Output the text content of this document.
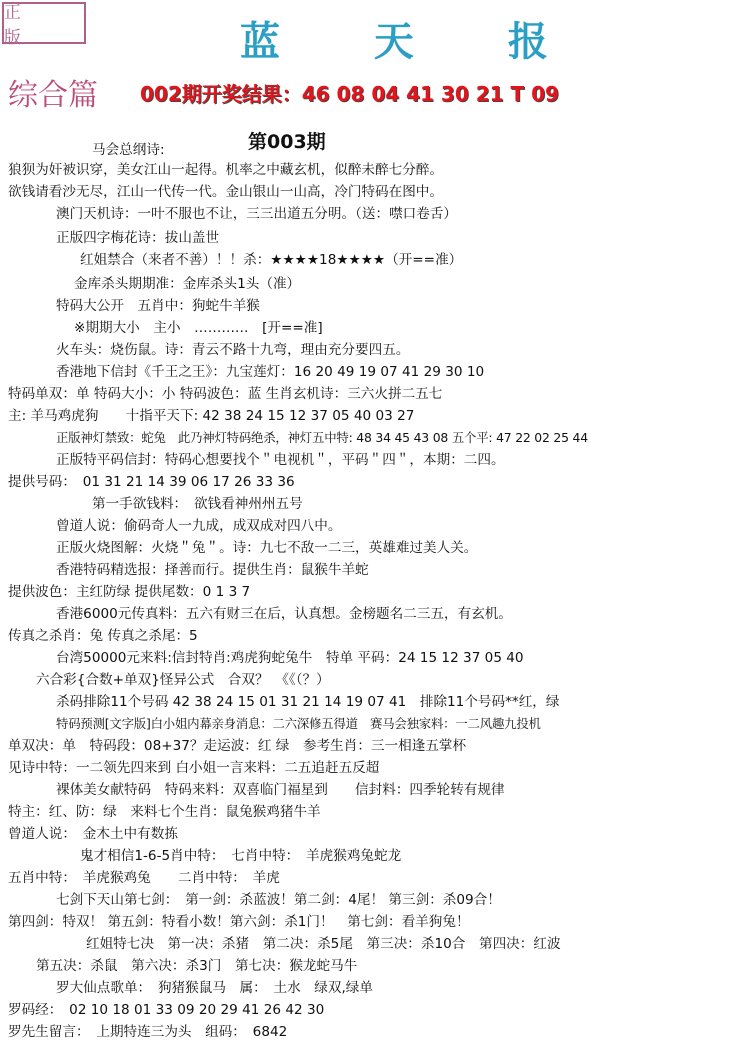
正 版	蓝 天 报
综合篇 002期开奖结果：46 08 04 41 30 21 T 09
第003期
马会总纲诗:
狼狈为奸被识穿，美女江山一起得。机率之中藏玄机，似醉未醉七分醉。
欲钱请看沙无尽，江山一代传一代。金山银山一山高，冷门特码在图中。
澳门天机诗：一叶不服也不让，三三出道五分明。（送：噤口卷舌）
正版四字梅花诗：拔山盖世
红姐禁合（来者不善）！！杀：★★★★18★★★★（开==准）
金库杀头期期准：金库杀头1头（准）
特码大公开　五肖中：狗蛇牛羊猴
※期期大小　主小　…………　[开==准]
火车头：烧伤鼠。诗：青云不路十九弯，理由充分要四五。
香港地下信封《千王之王》：九宝莲灯：16 20 49 19 07 41 29 30 10
特码单双：单 特码大小：小 特码波色：蓝 生肖玄机诗：三六火拼二五七
主: 羊马鸡虎狗　　十指平天下: 42 38 24 15 12 37 05 40 03 27
正版神灯禁致：蛇兔　此乃神灯特码绝杀，神灯五中特: 48 34 45 43 08 五个平: 47 22 02 25 44
正版特平码信封：特码心想要找个＂电视机＂，平码＂四＂，本期：二四。
提供号码：　01 31 21 14 39 06 17 26 33 36
第一手欲钱料：　欲钱看神州州五号
曾道人说：偷码奇人一九成，成双成对四八中。
正版火烧图解：火烧＂兔＂。诗：九七不敌一二三，英雄难过美人关。
香港特码精选报：择善而行。提供生肖：鼠猴牛羊蛇
提供波色：主红防绿 提供尾数：0 1 3 7
香港6000元传真料：五六有财三在后，认真想。金榜题名二三五，有玄机。
传真之杀肖：兔 传真之杀尾：5
台湾50000元来料:信封特肖:鸡虎狗蛇兔牛　特单 平码：24 15 12 37 05 40
六合彩{合数+单双}怪异公式　合双？　《《（？）
杀码排除11个号码 42 38 24 15 01 31 21 14 19 07 41　排除11个号码**红，绿
特码预测[文字版]白小姐内幕亲身消息：二六深修五得道　赛马会独家料：一二风趣九投机
单双决：单　特码段：08+37？走运波：红 绿　参考生肖：三一相逢五掌杯
见诗中特：一二领先四来到 白小姐一言来料：二五追赶五反超
裸体美女献特码　特码来料：双喜临门福星到　　信封料：四季轮转有规律
特主：红、防：绿　来料七个生肖：鼠兔猴鸡猪牛羊
曾道人说：　金木土中有数拣
鬼才相信1-6-5肖中特：　七肖中特：　羊虎猴鸡兔蛇龙
五肖中特：　羊虎猴鸡兔　　二肖中特：　羊虎
七剑下天山第七剑：　第一剑：杀蓝波！第二剑：4尾！ 第三剑：杀09合！
第四剑：特双！ 第五剑：特看小数！第六剑：杀1门！　第七剑：看羊狗兔！
红姐特七决　第一决：杀猪　第二决：杀5尾　第三决：杀10合　第四决：红波
第五决：杀鼠　第六决：杀3门　第七决：猴龙蛇马牛
罗大仙点歌单：　狗猪猴鼠马　属：　土水　绿双,绿单
罗码经：　02 10 18 01 33 09 20 29 41 26 42 30
罗先生留言：　上期特连三为头　组码：　6842
